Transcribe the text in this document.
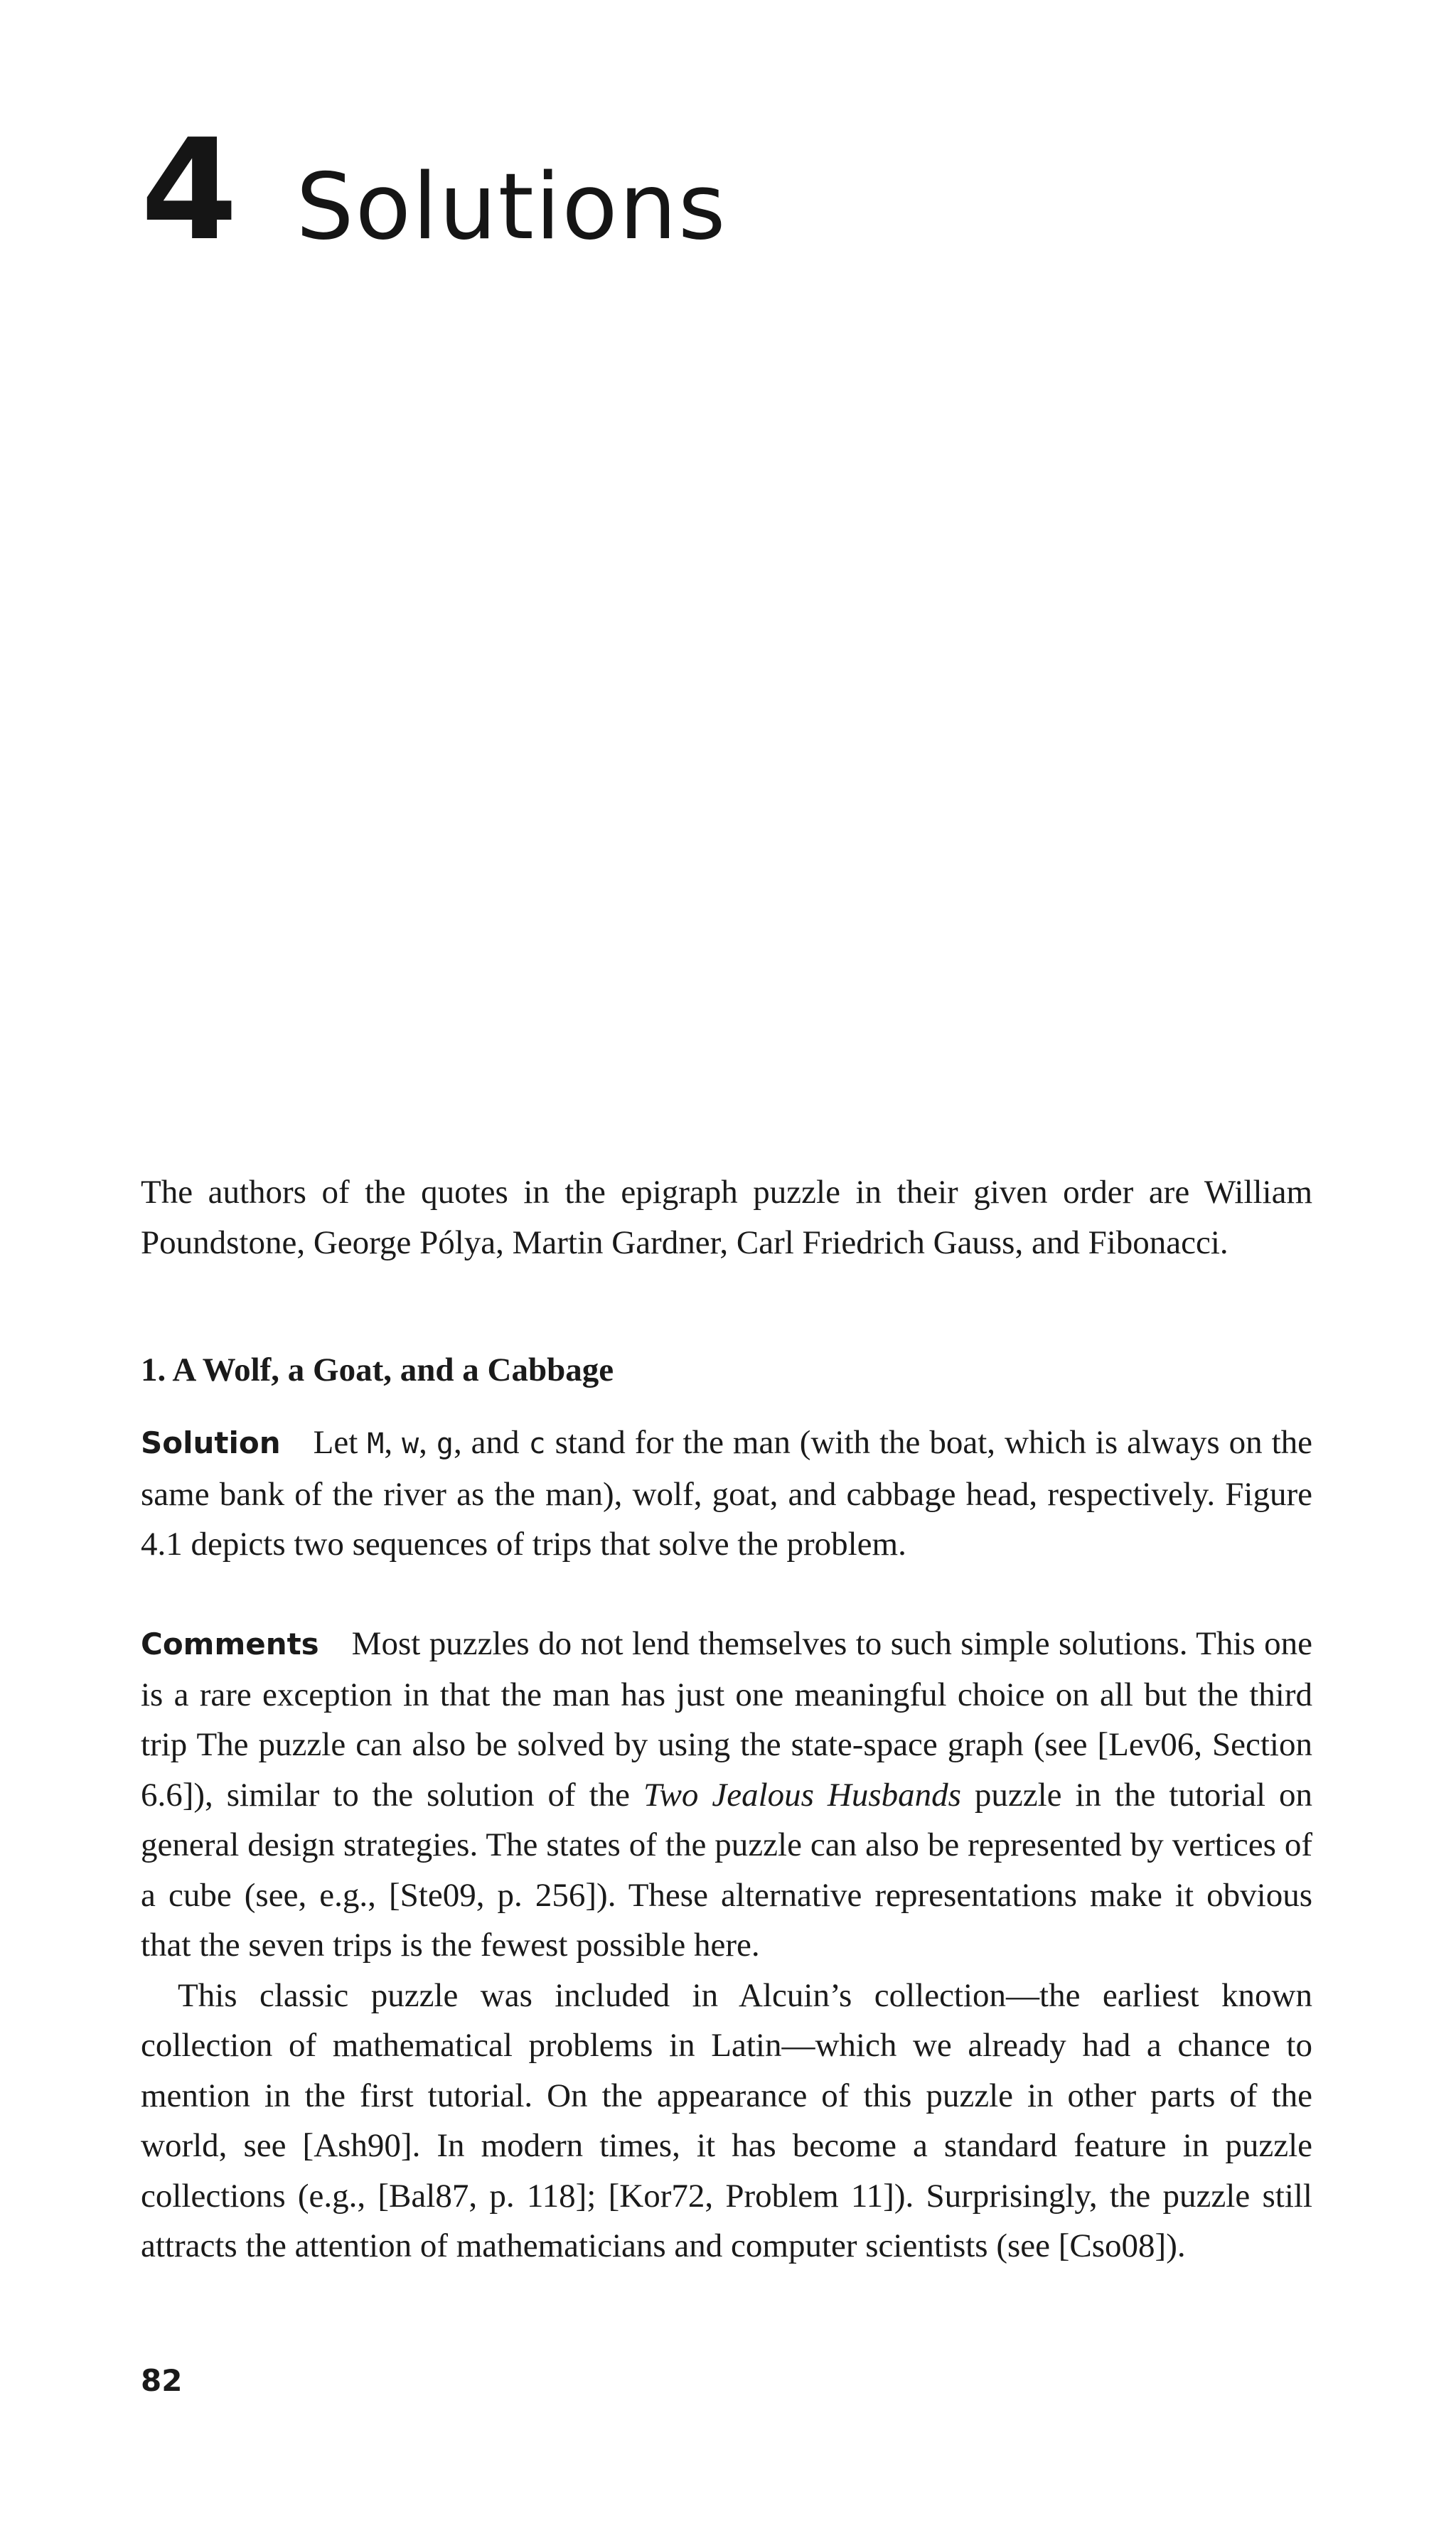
4 Solutions

The authors of the quotes in the epigraph puzzle in their given order are William Poundstone, George Pólya, Martin Gardner, Carl Friedrich Gauss, and Fibonacci.

1. A Wolf, a Goat, and a Cabbage

Solution Let M, w, g, and c stand for the man (with the boat, which is always on the same bank of the river as the man), wolf, goat, and cabbage head, respectively. Figure 4.1 depicts two sequences of trips that solve the problem.

Comments Most puzzles do not lend themselves to such simple solutions. This one is a rare exception in that the man has just one meaningful choice on all but the third trip The puzzle can also be solved by using the state-space graph (see [Lev06, Section 6.6]), similar to the solution of the Two Jealous Husbands puzzle in the tutorial on general design strategies. The states of the puzzle can also be represented by vertices of a cube (see, e.g., [Ste09, p. 256]). These alternative representations make it obvious that the seven trips is the fewest possible here.

This classic puzzle was included in Alcuin’s collection—the earliest known collection of mathematical problems in Latin—which we already had a chance to mention in the first tutorial. On the appearance of this puzzle in other parts of the world, see [Ash90]. In modern times, it has become a standard feature in puzzle collections (e.g., [Bal87, p. 118]; [Kor72, Problem 11]). Surprisingly, the puzzle still attracts the attention of mathematicians and computer scientists (see [Cso08]).

82
